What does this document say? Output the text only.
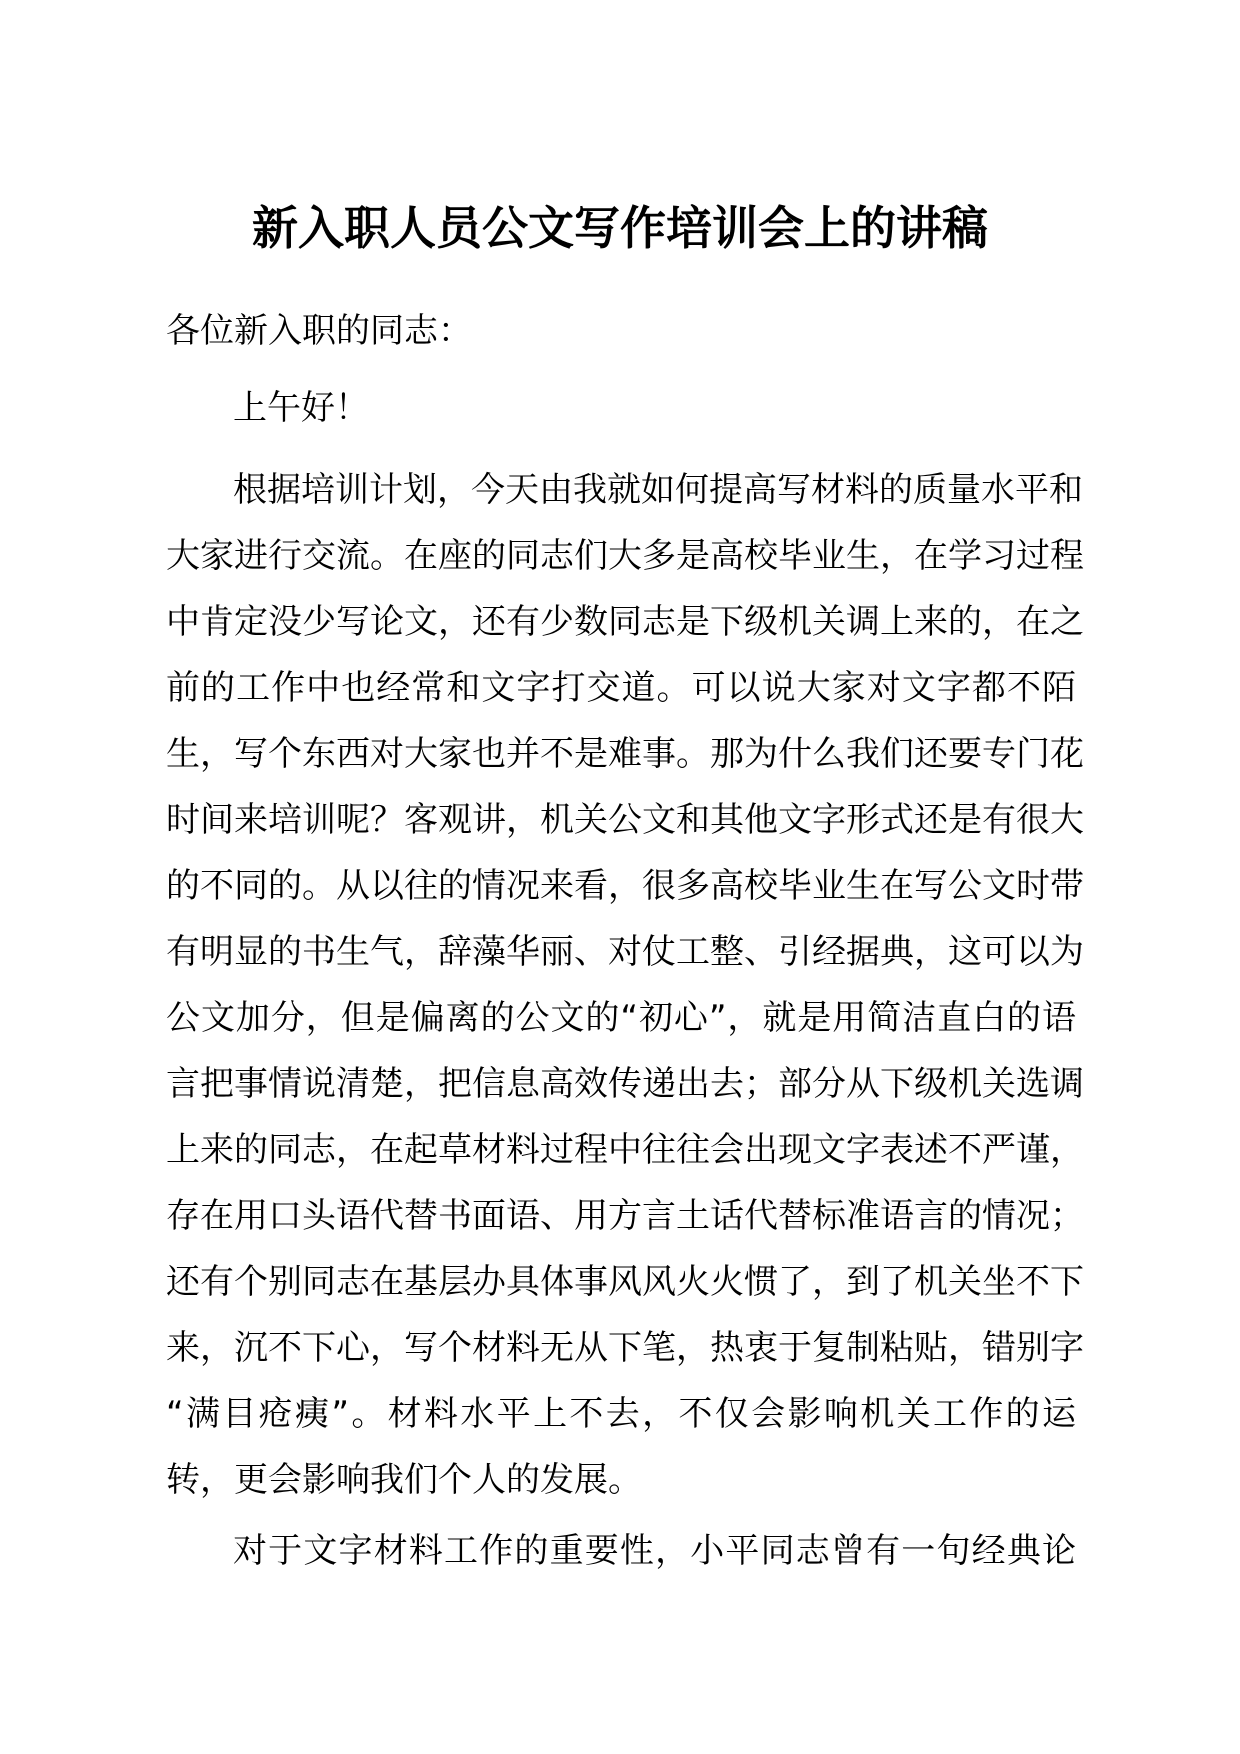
新入职人员公文写作培训会上的讲稿
各位新入职的同志：
上午好！
根据培训计划，今天由我就如何提高写材料的质量水平和
大家进行交流。在座的同志们大多是高校毕业生，在学习过程
中肯定没少写论文，还有少数同志是下级机关调上来的，在之
前的工作中也经常和文字打交道。可以说大家对文字都不陌
生，写个东西对大家也并不是难事。那为什么我们还要专门花
时间来培训呢？客观讲，机关公文和其他文字形式还是有很大
的不同的。从以往的情况来看，很多高校毕业生在写公文时带
有明显的书生气，辞藻华丽、对仗工整、引经据典，这可以为
公文加分，但是偏离的公文的“初心”，就是用简洁直白的语
言把事情说清楚，把信息高效传递出去；部分从下级机关选调
上来的同志，在起草材料过程中往往会出现文字表述不严谨，
存在用口头语代替书面语、用方言土话代替标准语言的情况；
还有个别同志在基层办具体事风风火火惯了，到了机关坐不下
来，沉不下心，写个材料无从下笔，热衷于复制粘贴，错别字
“满目疮痍”。材料水平上不去，不仅会影响机关工作的运
转，更会影响我们个人的发展。
对于文字材料工作的重要性，小平同志曾有一句经典论
